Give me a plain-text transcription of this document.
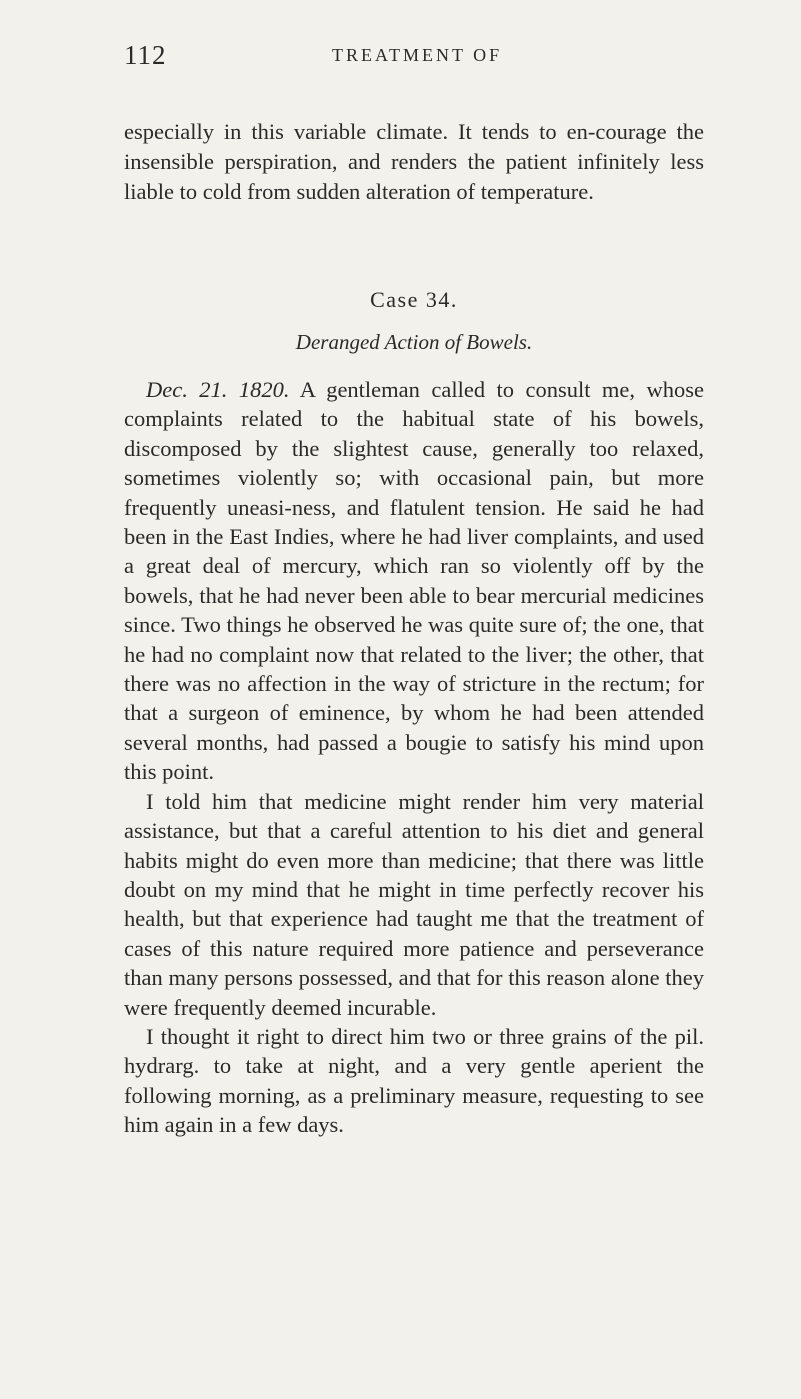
112	TREATMENT OF

especially in this variable climate. It tends to en-courage the insensible perspiration, and renders the patient infinitely less liable to cold from sudden alteration of temperature.

Case 34.
Deranged Action of Bowels.

Dec. 21. 1820. A gentleman called to consult me, whose complaints related to the habitual state of his bowels, discomposed by the slightest cause, generally too relaxed, sometimes violently so; with occasional pain, but more frequently uneasi-ness, and flatulent tension. He said he had been in the East Indies, where he had liver complaints, and used a great deal of mercury, which ran so violently off by the bowels, that he had never been able to bear mercurial medicines since. Two things he observed he was quite sure of; the one, that he had no complaint now that related to the liver; the other, that there was no affection in the way of stricture in the rectum; for that a surgeon of eminence, by whom he had been attended several months, had passed a bougie to satisfy his mind upon this point.

I told him that medicine might render him very material assistance, but that a careful attention to his diet and general habits might do even more than medicine; that there was little doubt on my mind that he might in time perfectly recover his health, but that experience had taught me that the treatment of cases of this nature required more patience and perseverance than many persons possessed, and that for this reason alone they were frequently deemed incurable.

I thought it right to direct him two or three grains of the pil. hydrarg. to take at night, and a very gentle aperient the following morning, as a preliminary measure, requesting to see him again in a few days.
